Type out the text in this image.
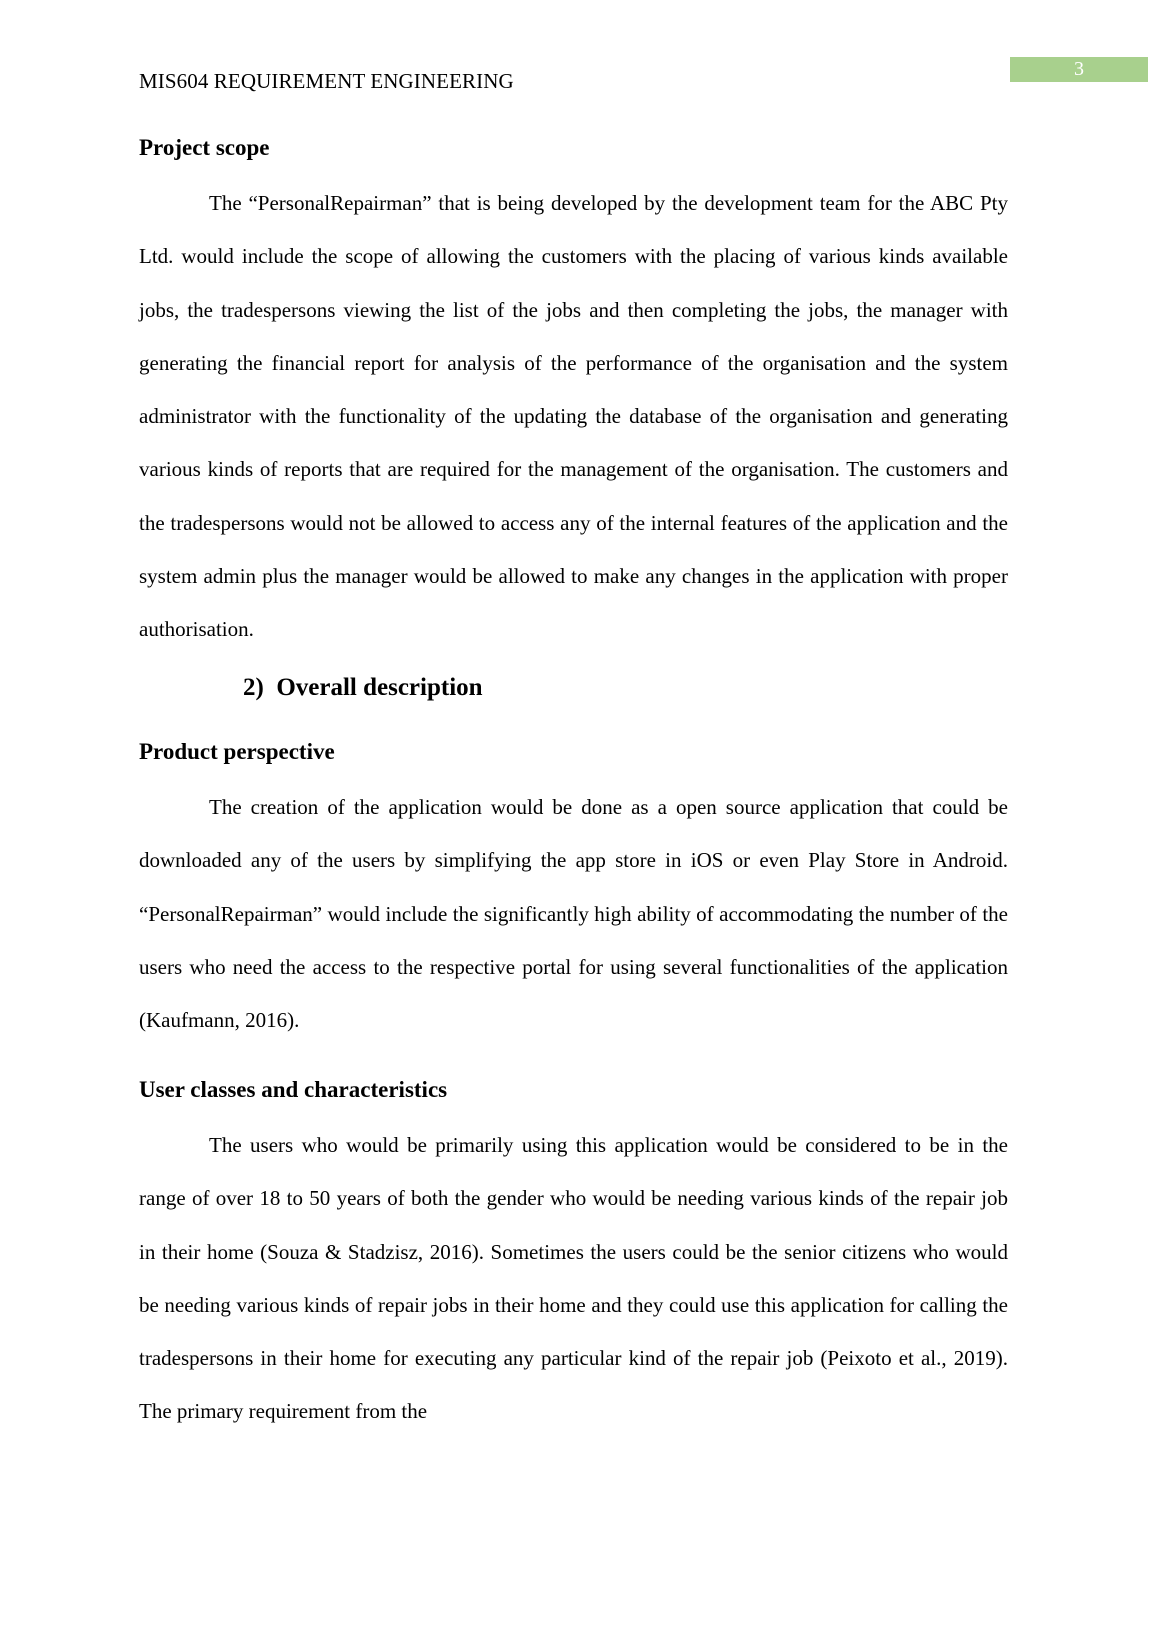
3
MIS604 REQUIREMENT ENGINEERING
Project scope

The “PersonalRepairman” that is being developed by the development team for the ABC Pty Ltd. would include the scope of allowing the customers with the placing of various kinds available jobs, the tradespersons viewing the list of the jobs and then completing the jobs, the manager with generating the financial report for analysis of the performance of the organisation and the system administrator with the functionality of the updating the database of the organisation and generating various kinds of reports that are required for the management of the organisation. The customers and the tradespersons would not be allowed to access any of the internal features of the application and the system admin plus the manager would be allowed to make any changes in the application with proper authorisation.

2) Overall description
Product perspective

The creation of the application would be done as a open source application that could be downloaded any of the users by simplifying the app store in iOS or even Play Store in Android. “PersonalRepairman” would include the significantly high ability of accommodating the number of the users who need the access to the respective portal for using several functionalities of the application (Kaufmann, 2016).

User classes and characteristics

The users who would be primarily using this application would be considered to be in the range of over 18 to 50 years of both the gender who would be needing various kinds of the repair job in their home (Souza & Stadzisz, 2016). Sometimes the users could be the senior citizens who would be needing various kinds of repair jobs in their home and they could use this application for calling the tradespersons in their home for executing any particular kind of the repair job (Peixoto et al., 2019). The primary requirement from the
